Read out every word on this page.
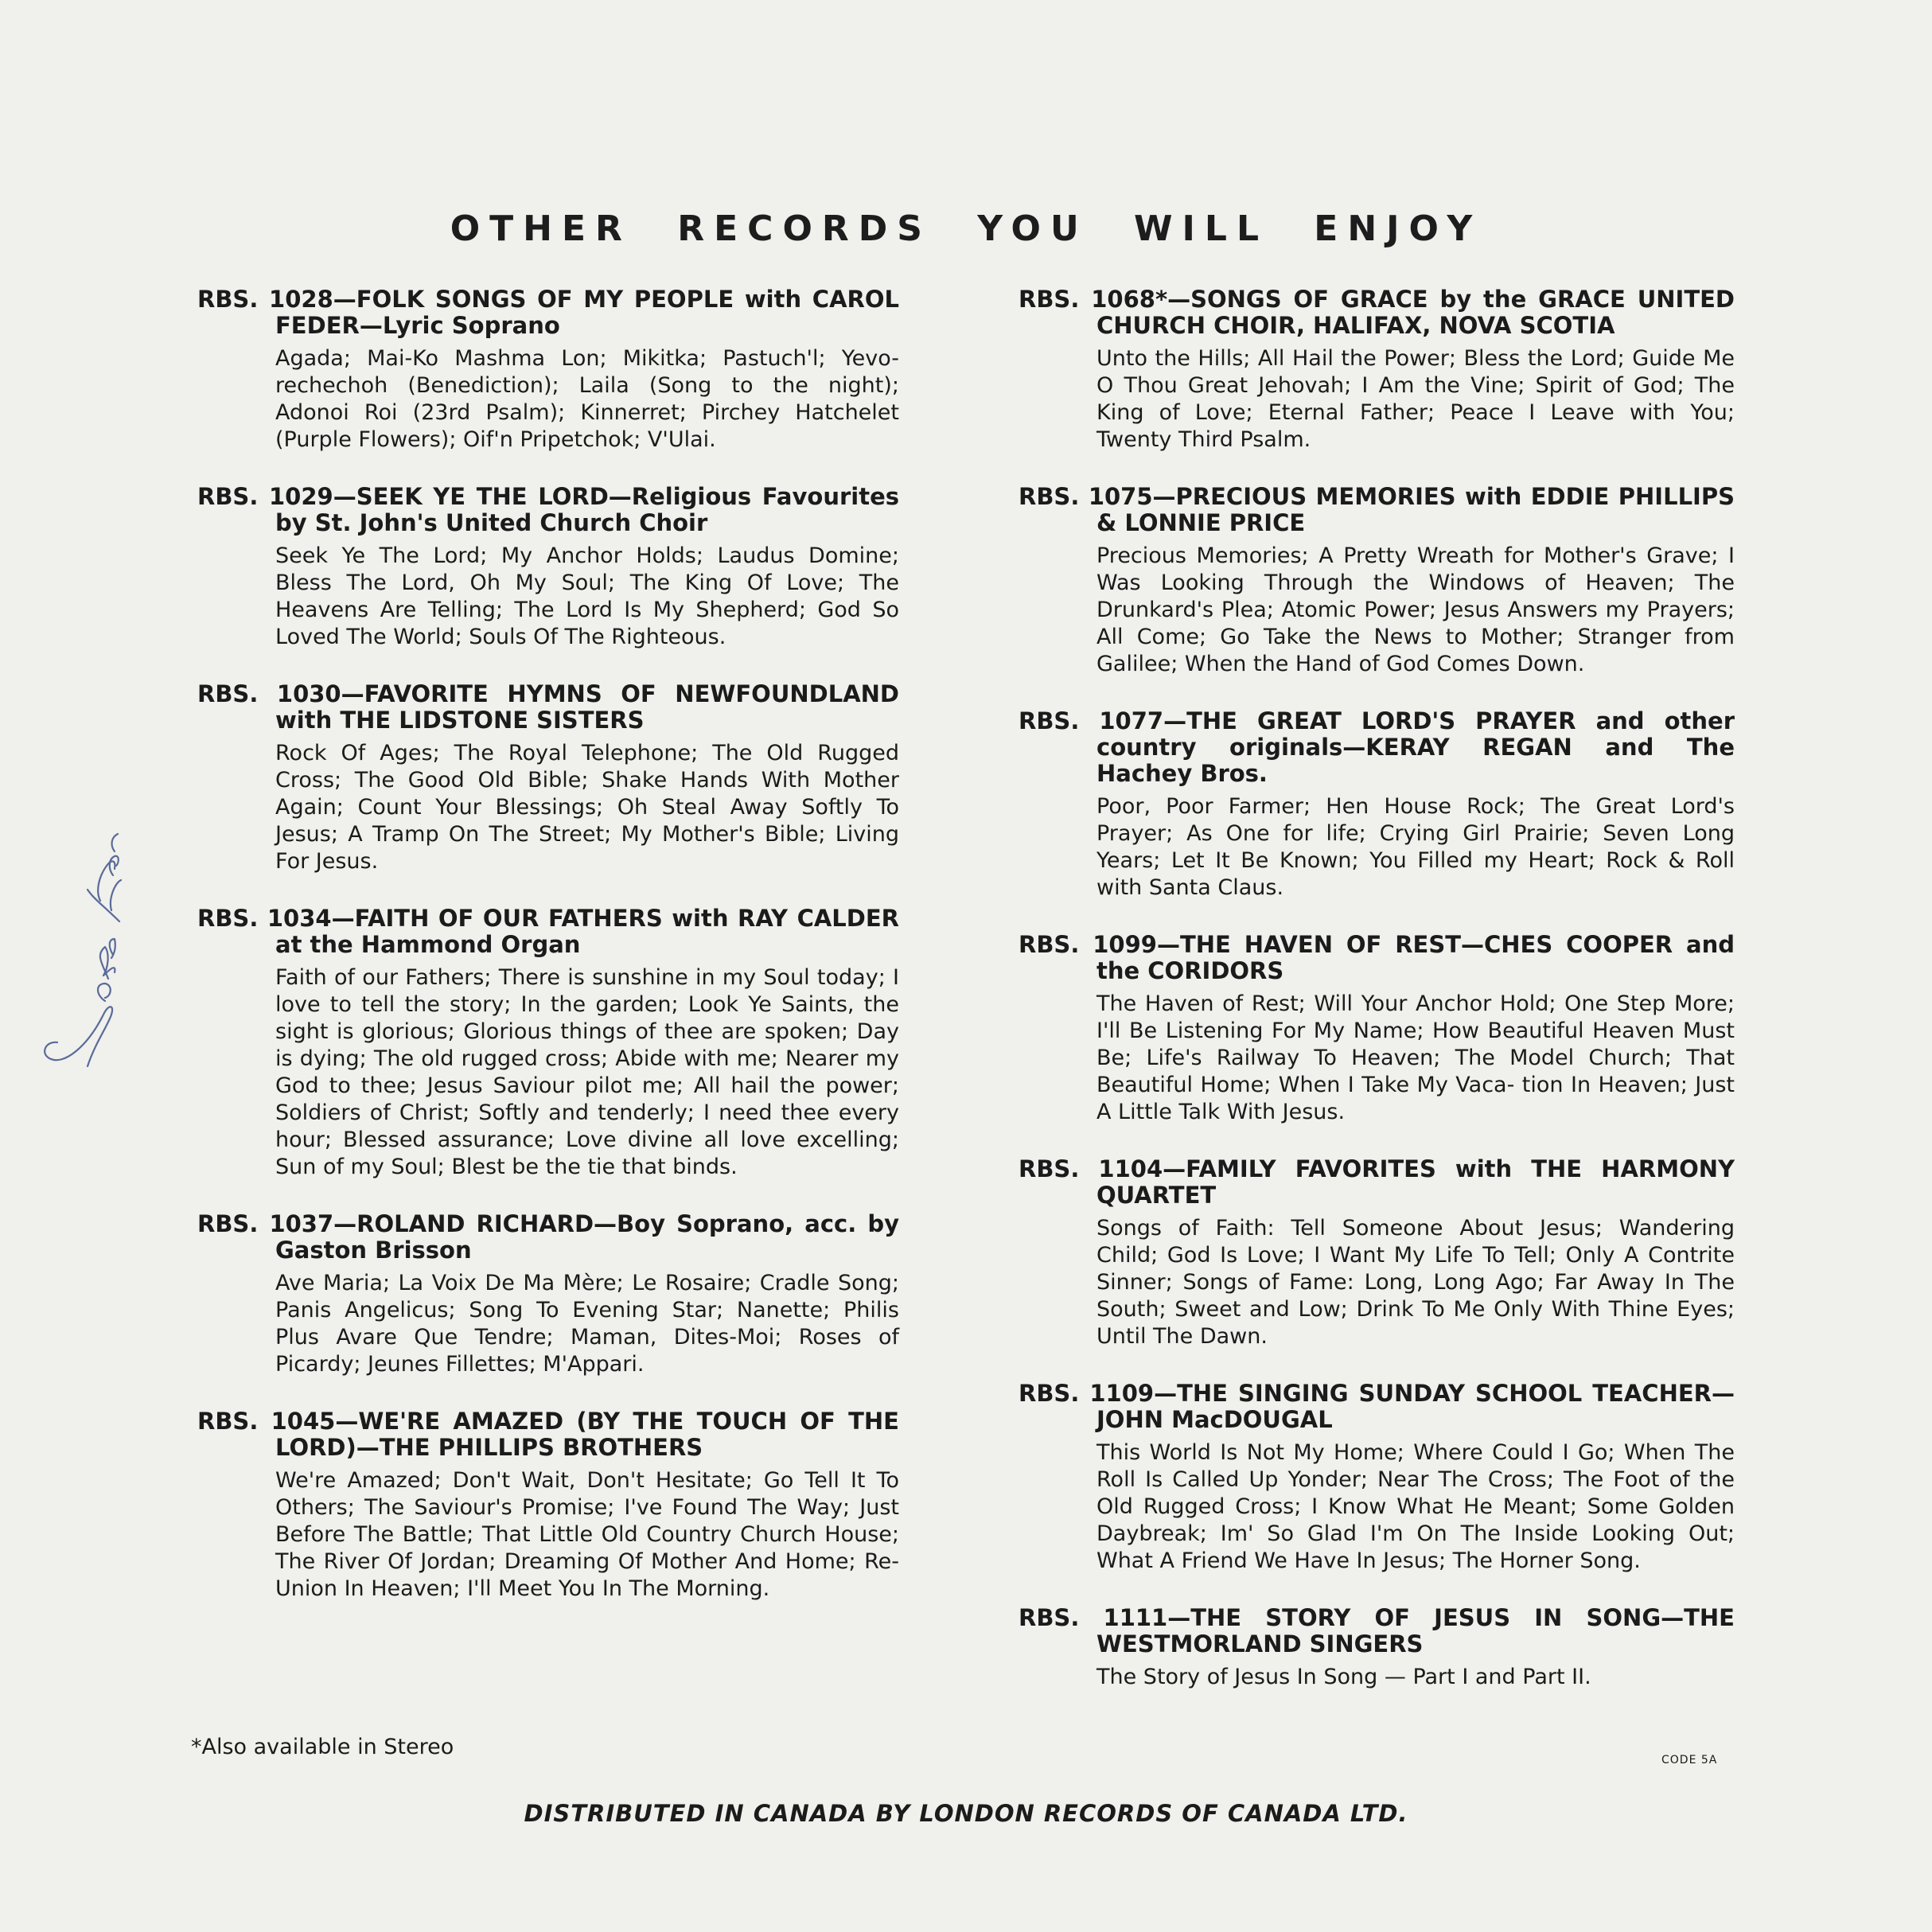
OTHER RECORDS YOU WILL ENJOY
RBS. 1028—FOLK SONGS OF MY PEOPLE with CAROL FEDER—Lyric Soprano
Agada; Mai-Ko Mashma Lon; Mikitka; Pastuch'l; Yevo- rechechoh (Benediction); Laila (Song to the night); Adonoi Roi (23rd Psalm); Kinnerret; Pirchey Hatchelet (Purple Flowers); Oif'n Pripetchok; V'Ulai.
RBS. 1029—SEEK YE THE LORD—Religious Favourites by St. John's United Church Choir
Seek Ye The Lord; My Anchor Holds; Laudus Domine; Bless The Lord, Oh My Soul; The King Of Love; The Heavens Are Telling; The Lord Is My Shepherd; God So Loved The World; Souls Of The Righteous.
RBS. 1030—FAVORITE HYMNS OF NEWFOUNDLAND with THE LIDSTONE SISTERS
Rock Of Ages; The Royal Telephone; The Old Rugged Cross; The Good Old Bible; Shake Hands With Mother Again; Count Your Blessings; Oh Steal Away Softly To Jesus; A Tramp On The Street; My Mother's Bible; Living For Jesus.
RBS. 1034—FAITH OF OUR FATHERS with RAY CALDER at the Hammond Organ
Faith of our Fathers; There is sunshine in my Soul today; I love to tell the story; In the garden; Look Ye Saints, the sight is glorious; Glorious things of thee are spoken; Day is dying; The old rugged cross; Abide with me; Nearer my God to thee; Jesus Saviour pilot me; All hail the power; Soldiers of Christ; Softly and tenderly; I need thee every hour; Blessed assurance; Love divine all love excelling; Sun of my Soul; Blest be the tie that binds.
RBS. 1037—ROLAND RICHARD—Boy Soprano, acc. by Gaston Brisson
Ave Maria; La Voix De Ma Mère; Le Rosaire; Cradle Song; Panis Angelicus; Song To Evening Star; Nanette; Philis Plus Avare Que Tendre; Maman, Dites-Moi; Roses of Picardy; Jeunes Fillettes; M'Appari.
RBS. 1045—WE'RE AMAZED (BY THE TOUCH OF THE LORD)—THE PHILLIPS BROTHERS
We're Amazed; Don't Wait, Don't Hesitate; Go Tell It To Others; The Saviour's Promise; I've Found The Way; Just Before The Battle; That Little Old Country Church House; The River Of Jordan; Dreaming Of Mother And Home; Re-Union In Heaven; I'll Meet You In The Morning.
RBS. 1068*—SONGS OF GRACE by the GRACE UNITED CHURCH CHOIR, HALIFAX, NOVA SCOTIA
Unto the Hills; All Hail the Power; Bless the Lord; Guide Me O Thou Great Jehovah; I Am the Vine; Spirit of God; The King of Love; Eternal Father; Peace I Leave with You; Twenty Third Psalm.
RBS. 1075—PRECIOUS MEMORIES with EDDIE PHILLIPS & LONNIE PRICE
Precious Memories; A Pretty Wreath for Mother's Grave; I Was Looking Through the Windows of Heaven; The Drunkard's Plea; Atomic Power; Jesus Answers my Prayers; All Come; Go Take the News to Mother; Stranger from Galilee; When the Hand of God Comes Down.
RBS. 1077—THE GREAT LORD'S PRAYER and other country originals—KERAY REGAN and The Hachey Bros.
Poor, Poor Farmer; Hen House Rock; The Great Lord's Prayer; As One for life; Crying Girl Prairie; Seven Long Years; Let It Be Known; You Filled my Heart; Rock & Roll with Santa Claus.
RBS. 1099—THE HAVEN OF REST—CHES COOPER and the CORIDORS
The Haven of Rest; Will Your Anchor Hold; One Step More; I'll Be Listening For My Name; How Beautiful Heaven Must Be; Life's Railway To Heaven; The Model Church; That Beautiful Home; When I Take My Vaca- tion In Heaven; Just A Little Talk With Jesus.
RBS. 1104—FAMILY FAVORITES with THE HARMONY QUARTET
Songs of Faith: Tell Someone About Jesus; Wandering Child; God Is Love; I Want My Life To Tell; Only A Contrite Sinner; Songs of Fame: Long, Long Ago; Far Away In The South; Sweet and Low; Drink To Me Only With Thine Eyes; Until The Dawn.
RBS. 1109—THE SINGING SUNDAY SCHOOL TEACHER— JOHN MacDOUGAL
This World Is Not My Home; Where Could I Go; When The Roll Is Called Up Yonder; Near The Cross; The Foot of the Old Rugged Cross; I Know What He Meant; Some Golden Daybreak; Im' So Glad I'm On The Inside Looking Out; What A Friend We Have In Jesus; The Horner Song.
RBS. 1111—THE STORY OF JESUS IN SONG—THE WESTMORLAND SINGERS
The Story of Jesus In Song — Part I and Part II.
*Also available in Stereo
CODE 5A
DISTRIBUTED IN CANADA BY LONDON RECORDS OF CANADA LTD.
